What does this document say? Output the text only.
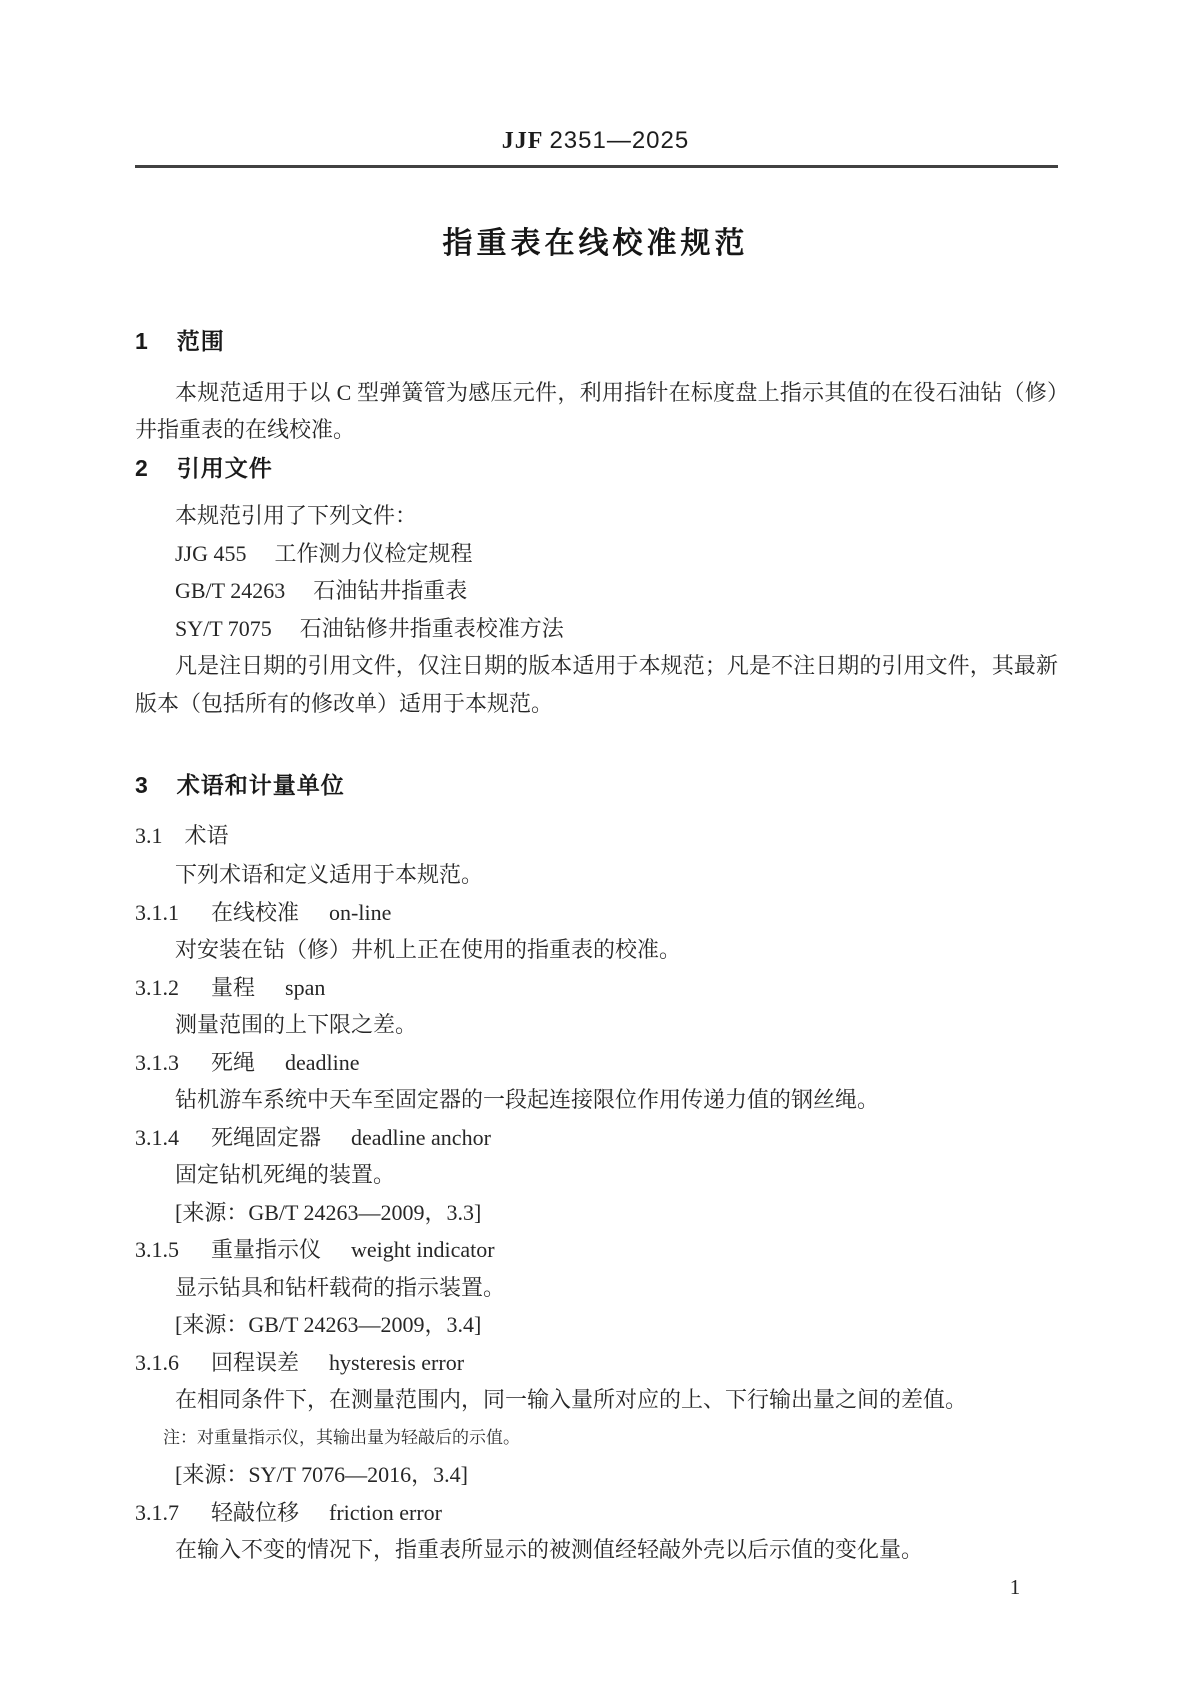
JJF 2351—2025
指重表在线校准规范
1 范围

本规范适用于以 C 型弹簧管为感压元件，利用指针在标度盘上指示其值的在役石油钻（修）井指重表的在线校准。

2 引用文件
本规范引用了下列文件：
JJG 455 工作测力仪检定规程
GB/T 24263 石油钻井指重表
SY/T 7075 石油钻修井指重表校准方法

凡是注日期的引用文件，仅注日期的版本适用于本规范；凡是不注日期的引用文件，其最新版本（包括所有的修改单）适用于本规范。

3 术语和计量单位
3.1 术语
下列术语和定义适用于本规范。
3.1.1 在线校准 on-line

对安装在钻（修）井机上正在使用的指重表的校准。

3.1.2 量程 span

测量范围的上下限之差。

3.1.3 死绳 deadline

钻机游车系统中天车至固定器的一段起连接限位作用传递力值的钢丝绳。

3.1.4 死绳固定器 deadline anchor

固定钻机死绳的装置。

[来源：GB/T 24263—2009，3.3]

3.1.5 重量指示仪 weight indicator

显示钻具和钻杆载荷的指示装置。

[来源：GB/T 24263—2009，3.4]

3.1.6 回程误差 hysteresis error

在相同条件下，在测量范围内，同一输入量所对应的上、下行输出量之间的差值。

注：对重量指示仪，其输出量为轻敲后的示值。

[来源：SY/T 7076—2016，3.4]

3.1.7 轻敲位移 friction error

在输入不变的情况下，指重表所显示的被测值经轻敲外壳以后示值的变化量。

1
